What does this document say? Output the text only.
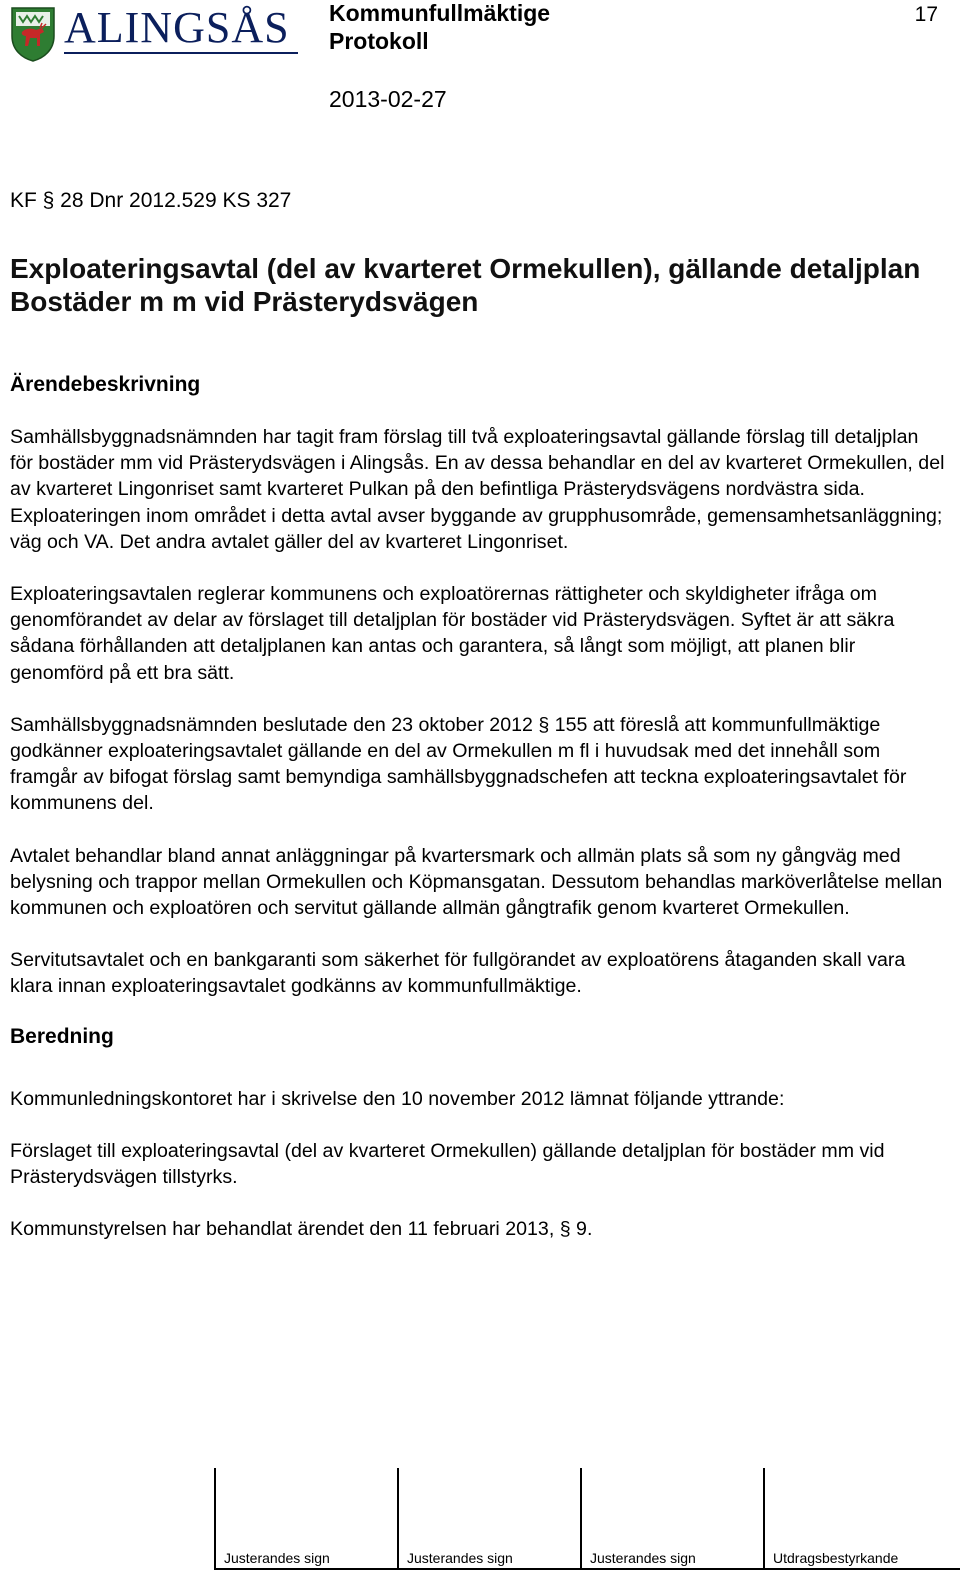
ALINGSÅS Kommunfullmäktige
Protokoll
2013-02-27
17
KF § 28 Dnr 2012.529 KS 327
Exploateringsavtal (del av kvarteret Ormekullen), gällande detaljplan Bostäder m m vid Prästerydsvägen
Ärendebeskrivning

Samhällsbyggnadsnämnden har tagit fram förslag till två exploateringsavtal gällande förslag till detaljplan för bostäder mm vid Prästerydsvägen i Alingsås. En av dessa behandlar en del av kvarteret Ormekullen, del av kvarteret Lingonriset samt kvarteret Pulkan på den befintliga Prästerydsvägens nordvästra sida. Exploateringen inom området i detta avtal avser byggande av grupphusområde, gemensamhetsanläggning; väg och VA. Det andra avtalet gäller del av kvarteret Lingonriset.

Exploateringsavtalen reglerar kommunens och exploatörernas rättigheter och skyldigheter ifråga om genomförandet av delar av förslaget till detaljplan för bostäder vid Prästerydsvägen. Syftet är att säkra sådana förhållanden att detaljplanen kan antas och garantera, så långt som möjligt, att planen blir genomförd på ett bra sätt.

Samhällsbyggnadsnämnden beslutade den 23 oktober 2012 § 155 att föreslå att kommunfullmäktige godkänner exploateringsavtalet gällande en del av Ormekullen m fl i huvudsak med det innehåll som framgår av bifogat förslag samt bemyndiga samhällsbyggnadschefen att teckna exploateringsavtalet för kommunens del.

Avtalet behandlar bland annat anläggningar på kvartersmark och allmän plats så som ny gångväg med belysning och trappor mellan Ormekullen och Köpmansgatan. Dessutom behandlas marköverlåtelse mellan kommunen och exploatören och servitut gällande allmän gångtrafik genom kvarteret Ormekullen.

Servitutsavtalet och en bankgaranti som säkerhet för fullgörandet av exploatörens åtaganden skall vara klara innan exploateringsavtalet godkänns av kommunfullmäktige.

Beredning

Kommunledningskontoret har i skrivelse den 10 november 2012 lämnat följande yttrande:

Förslaget till exploateringsavtal (del av kvarteret Ormekullen) gällande detaljplan för bostäder mm vid Prästerydsvägen tillstyrks.

Kommunstyrelsen har behandlat ärendet den 11 februari 2013, § 9.

Justerandes sign	Justerandes sign	Justerandes sign	Utdragsbestyrkande
